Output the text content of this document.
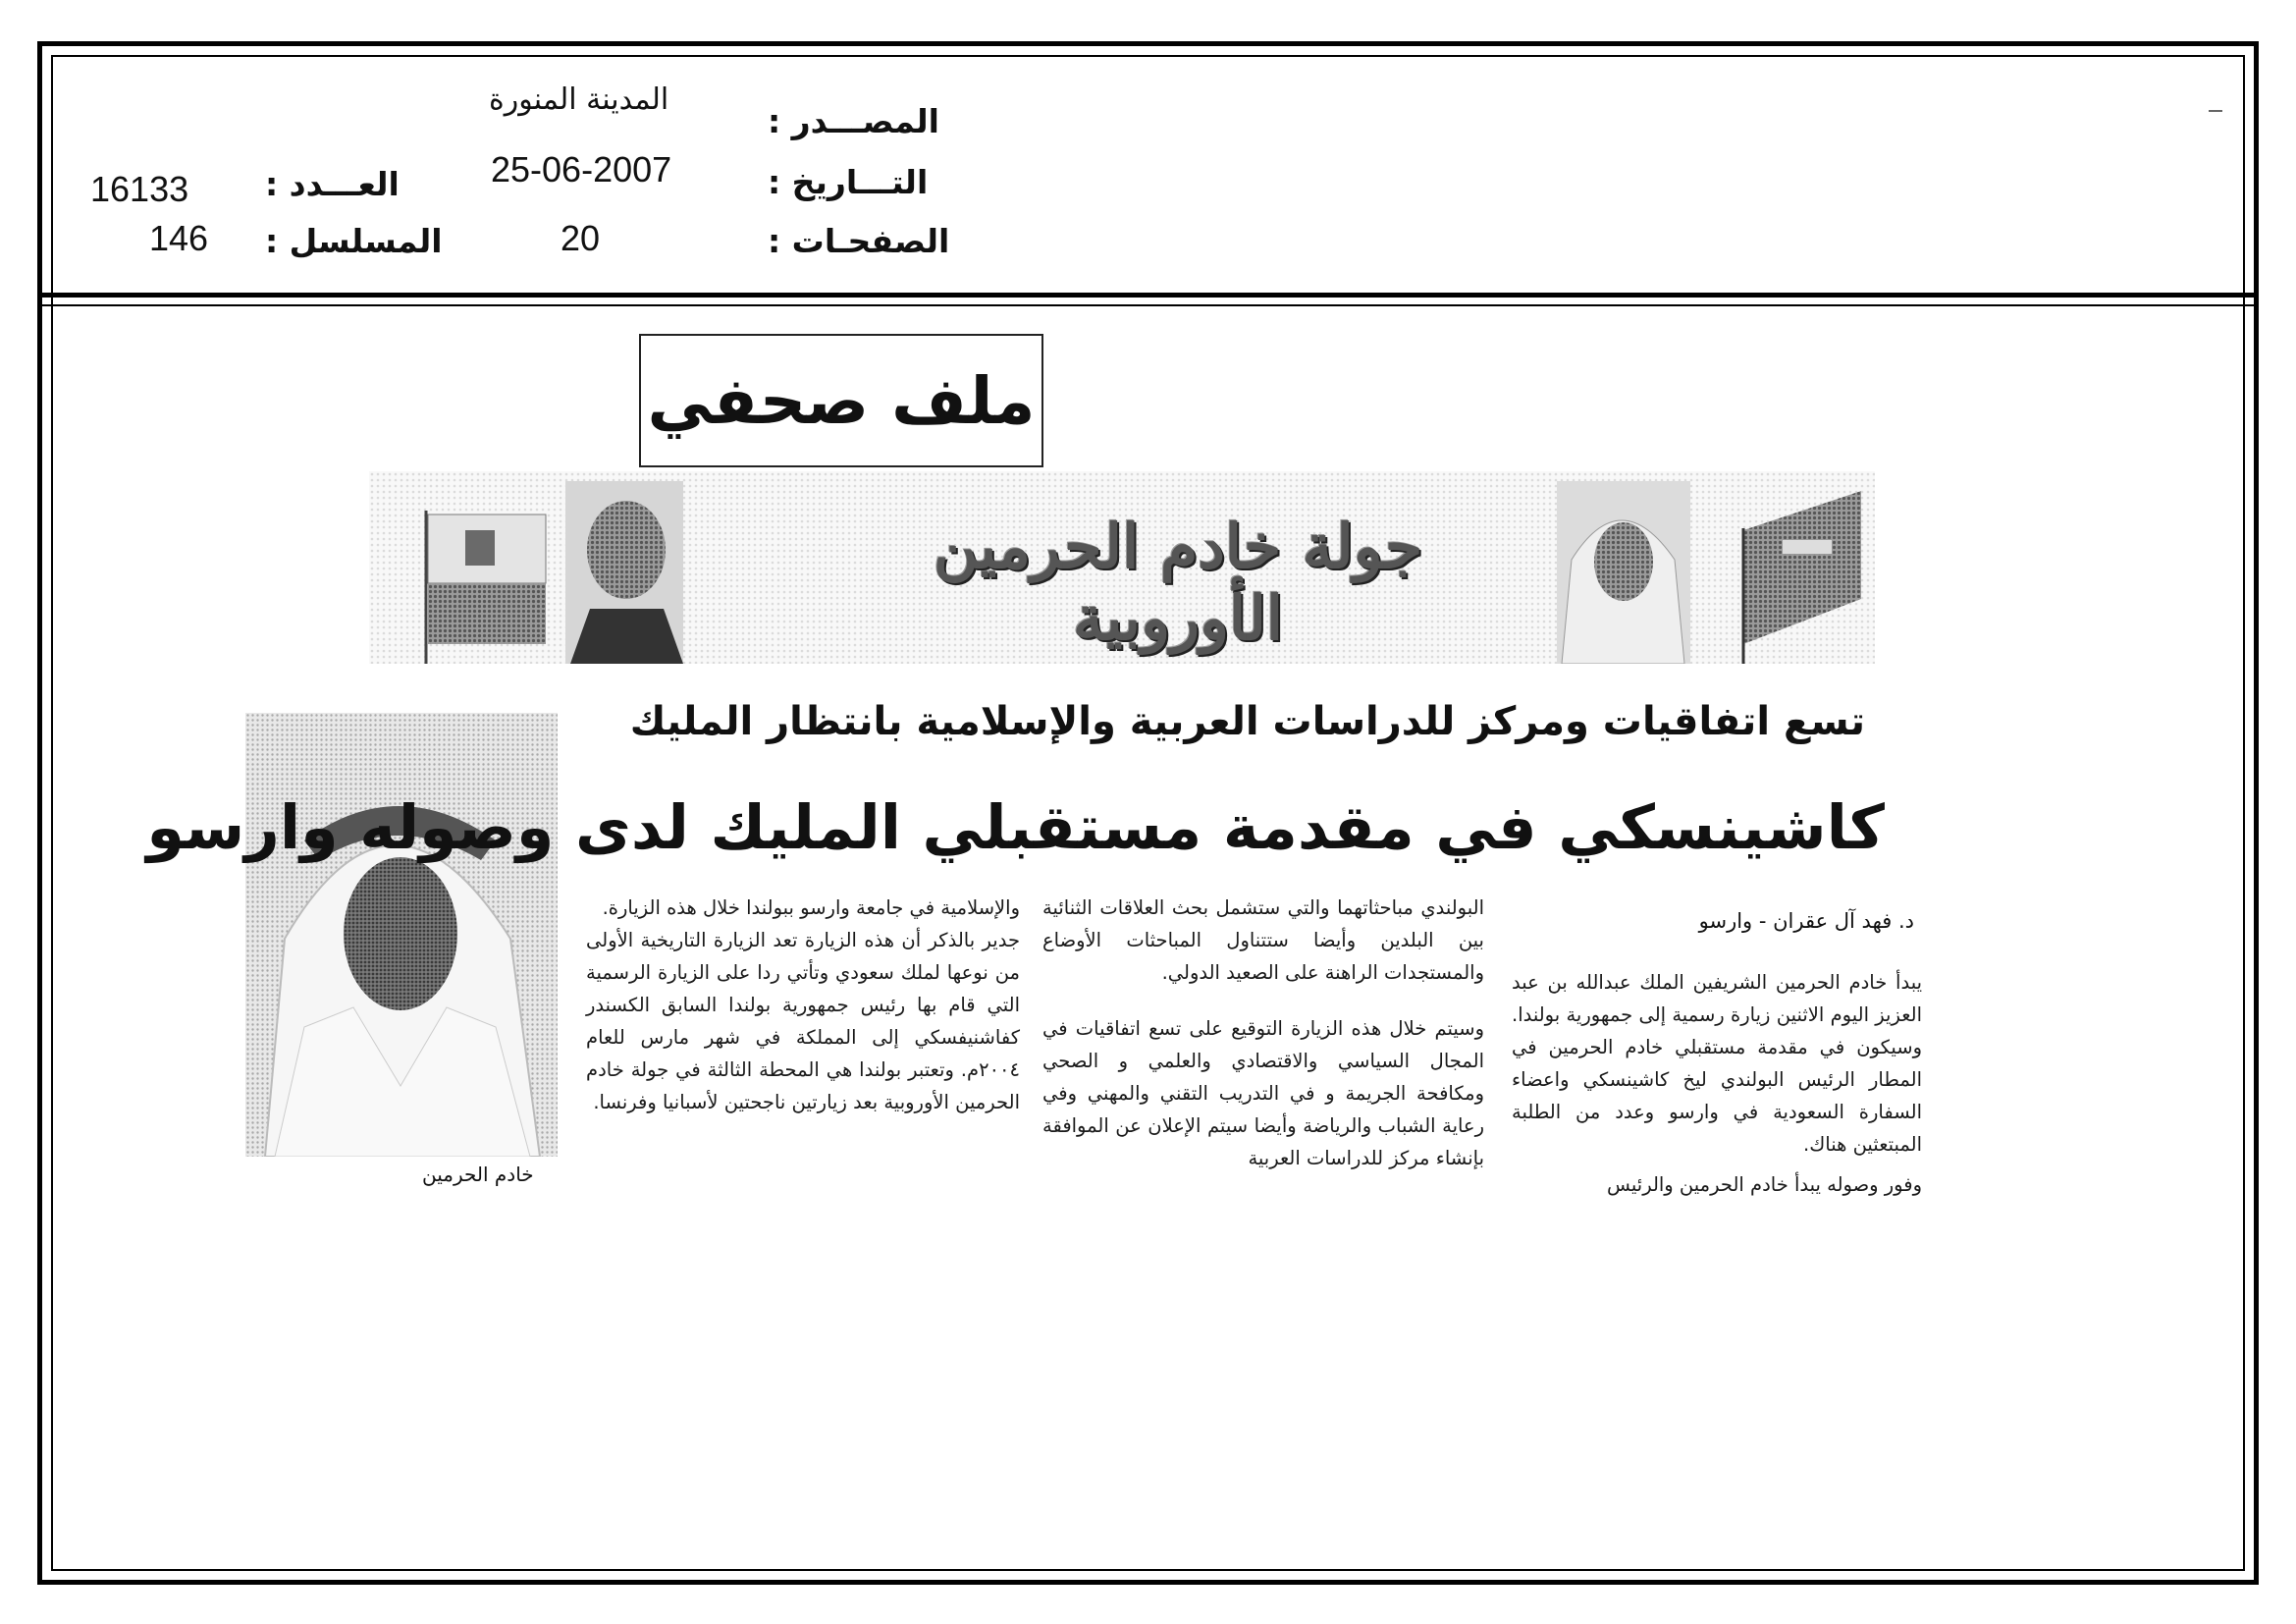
المصـــدر :
المدينة المنورة
التـــاريخ :
25-06-2007
الصفحـات :
20
العـــدد :
16133
المسلسل :
146
ملف صحفي
جولة خادم الحرمين الأوروبية
خادم الحرمين
تسع اتفاقيات ومركز للدراسات العربية والإسلامية بانتظار المليك
كاشينسكي في مقدمة مستقبلي المليك لدى وصوله وارسو
د. فهد آل عقران - وارسو

يبدأ خادم الحرمين الشريفين الملك عبدالله بن عبد العزيز اليوم الاثنين زيارة رسمية إلى جمهورية بولندا. وسيكون في مقدمة مستقبلي خادم الحرمين في المطار الرئيس البولندي ليخ كاشينسكي واعضاء السفارة السعودية في وارسو وعدد من الطلبة المبتعثين هناك.

وفور وصوله يبدأ خادم الحرمين والرئيس

البولندي مباحثاتهما والتي ستشمل بحث العلاقات الثنائية بين البلدين وأيضا ستتناول المباحثات الأوضاع والمستجدات الراهنة على الصعيد الدولي.

وسيتم خلال هذه الزيارة التوقيع على تسع اتفاقيات في المجال السياسي والاقتصادي والعلمي و الصحي ومكافحة الجريمة و في التدريب التقني والمهني وفي رعاية الشباب والرياضة وأيضا سيتم الإعلان عن الموافقة بإنشاء مركز للدراسات العربية

والإسلامية في جامعة وارسو ببولندا خلال هذه الزيارة.

جدير بالذكر أن هذه الزيارة تعد الزيارة التاريخية الأولى من نوعها لملك سعودي وتأتي ردا على الزيارة الرسمية التي قام بها رئيس جمهورية بولندا السابق الكسندر كفاشنيفسكي إلى المملكة في شهر مارس للعام ٢٠٠٤م. وتعتبر بولندا هي المحطة الثالثة في جولة خادم الحرمين الأوروبية بعد زيارتين ناجحتين لأسبانيا وفرنسا.
